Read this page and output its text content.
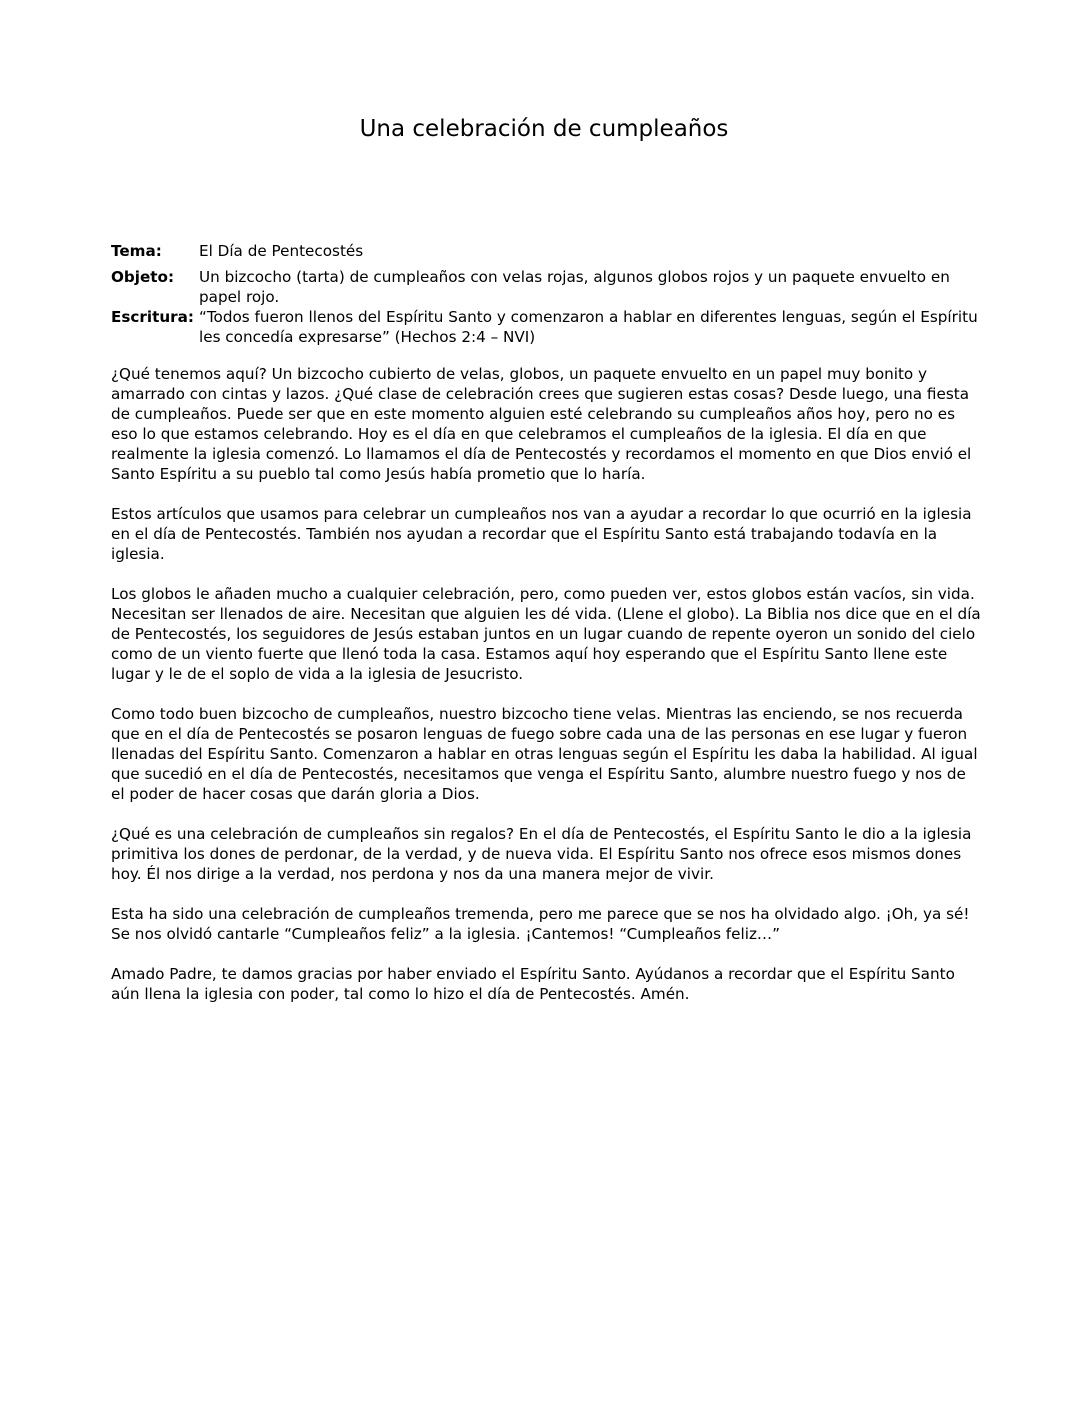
Una celebración de cumpleaños
Tema:	El Día de Pentecostés
Objeto:	Un bizcocho (tarta) de cumpleaños con velas rojas, algunos globos rojos y un paquete envuelto en papel rojo.
Escritura: “Todos fueron llenos del Espíritu Santo y comenzaron a hablar en diferentes lenguas, según el Espíritu les concedía expresarse” (Hechos 2:4 – NVI)

¿Qué tenemos aquí? Un bizcocho cubierto de velas, globos, un paquete envuelto en un papel muy bonito y amarrado con cintas y lazos. ¿Qué clase de celebración crees que sugieren estas cosas? Desde luego, una fiesta de cumpleaños. Puede ser que en este momento alguien esté celebrando su cumpleaños años hoy, pero no es eso lo que estamos celebrando. Hoy es el día en que celebramos el cumpleaños de la iglesia. El día en que realmente la iglesia comenzó. Lo llamamos el día de Pentecostés y recordamos el momento en que Dios envió el Santo Espíritu a su pueblo tal como Jesús había prometio que lo haría.

Estos artículos que usamos para celebrar un cumpleaños nos van a ayudar a recordar lo que ocurrió en la iglesia en el día de Pentecostés. También nos ayudan a recordar que el Espíritu Santo está trabajando todavía en la iglesia.

Los globos le añaden mucho a cualquier celebración, pero, como pueden ver, estos globos están vacíos, sin vida. Necesitan ser llenados de aire. Necesitan que alguien les dé vida. (Llene el globo). La Biblia nos dice que en el día de Pentecostés, los seguidores de Jesús estaban juntos en un lugar cuando de repente oyeron un sonido del cielo como de un viento fuerte que llenó toda la casa. Estamos aquí hoy esperando que el Espíritu Santo llene este lugar y le de el soplo de vida a la iglesia de Jesucristo.

Como todo buen bizcocho de cumpleaños, nuestro bizcocho tiene velas. Mientras las enciendo, se nos recuerda que en el día de Pentecostés se posaron lenguas de fuego sobre cada una de las personas en ese lugar y fueron llenadas del Espíritu Santo. Comenzaron a hablar en otras lenguas según el Espíritu les daba la habilidad. Al igual que sucedió en el día de Pentecostés, necesitamos que venga el Espíritu Santo, alumbre nuestro fuego y nos de el poder de hacer cosas que darán gloria a Dios.

¿Qué es una celebración de cumpleaños sin regalos? En el día de Pentecostés, el Espíritu Santo le dio a la iglesia primitiva los dones de perdonar, de la verdad, y de nueva vida. El Espíritu Santo nos ofrece esos mismos dones hoy. Él nos dirige a la verdad, nos perdona y nos da una manera mejor de vivir.

Esta ha sido una celebración de cumpleaños tremenda, pero me parece que se nos ha olvidado algo. ¡Oh, ya sé! Se nos olvidó cantarle “Cumpleaños feliz” a la iglesia. ¡Cantemos! “Cumpleaños feliz…”

Amado Padre, te damos gracias por haber enviado el Espíritu Santo. Ayúdanos a recordar que el Espíritu Santo aún llena la iglesia con poder, tal como lo hizo el día de Pentecostés. Amén.
